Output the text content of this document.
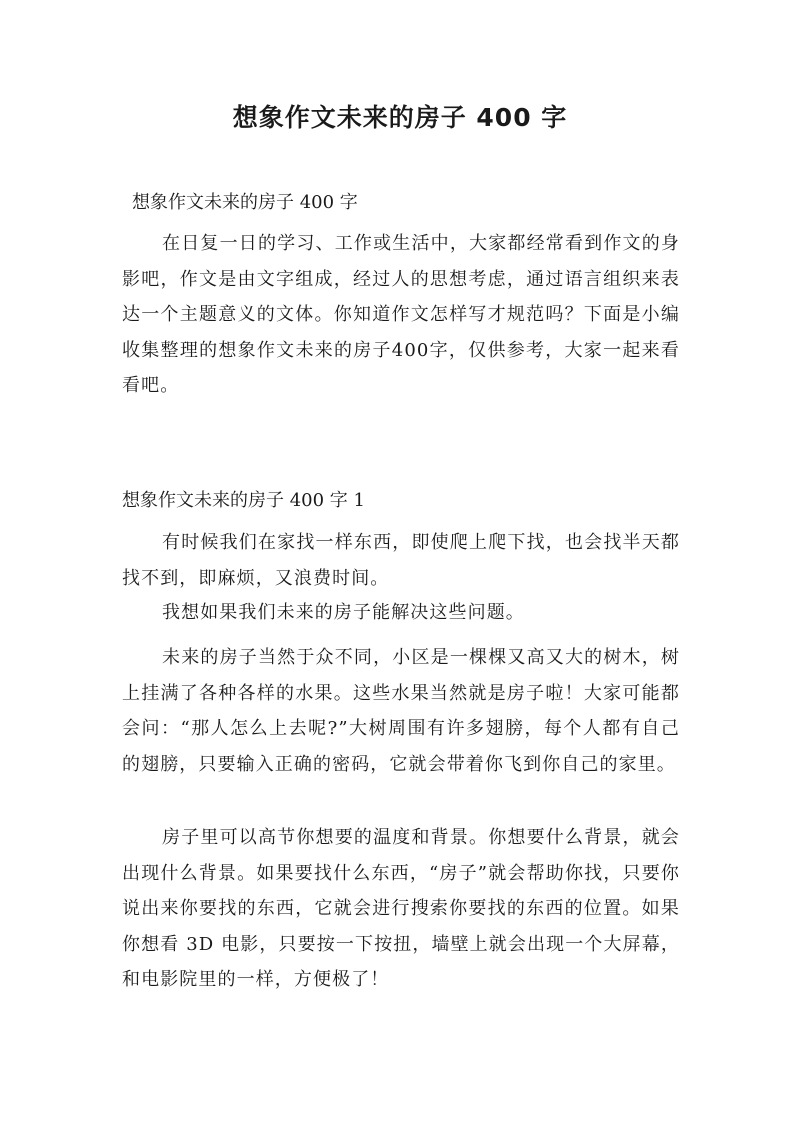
想象作文未来的房子 400 字
想象作文未来的房子 400 字

在日复一日的学习、工作或生活中，大家都经常看到作文的身影吧，作文是由文字组成，经过人的思想考虑，通过语言组织来表达一个主题意义的文体。你知道作文怎样写才规范吗？下面是小编收集整理的想象作文未来的房子400字，仅供参考，大家一起来看看吧。

想象作文未来的房子 400 字 1

有时候我们在家找一样东西，即使爬上爬下找，也会找半天都找不到，即麻烦，又浪费时间。

我想如果我们未来的房子能解决这些问题。

未来的房子当然于众不同，小区是一棵棵又高又大的树木，树上挂满了各种各样的水果。这些水果当然就是房子啦！大家可能都会问：“那人怎么上去呢?”大树周围有许多翅膀，每个人都有自己的翅膀，只要输入正确的密码，它就会带着你飞到你自己的家里。

房子里可以高节你想要的温度和背景。你想要什么背景，就会出现什么背景。如果要找什么东西，“房子”就会帮助你找，只要你说出来你要找的东西，它就会进行搜索你要找的东西的位置。如果你想看 3D 电影，只要按一下按扭，墙壁上就会出现一个大屏幕，和电影院里的一样，方便极了！
